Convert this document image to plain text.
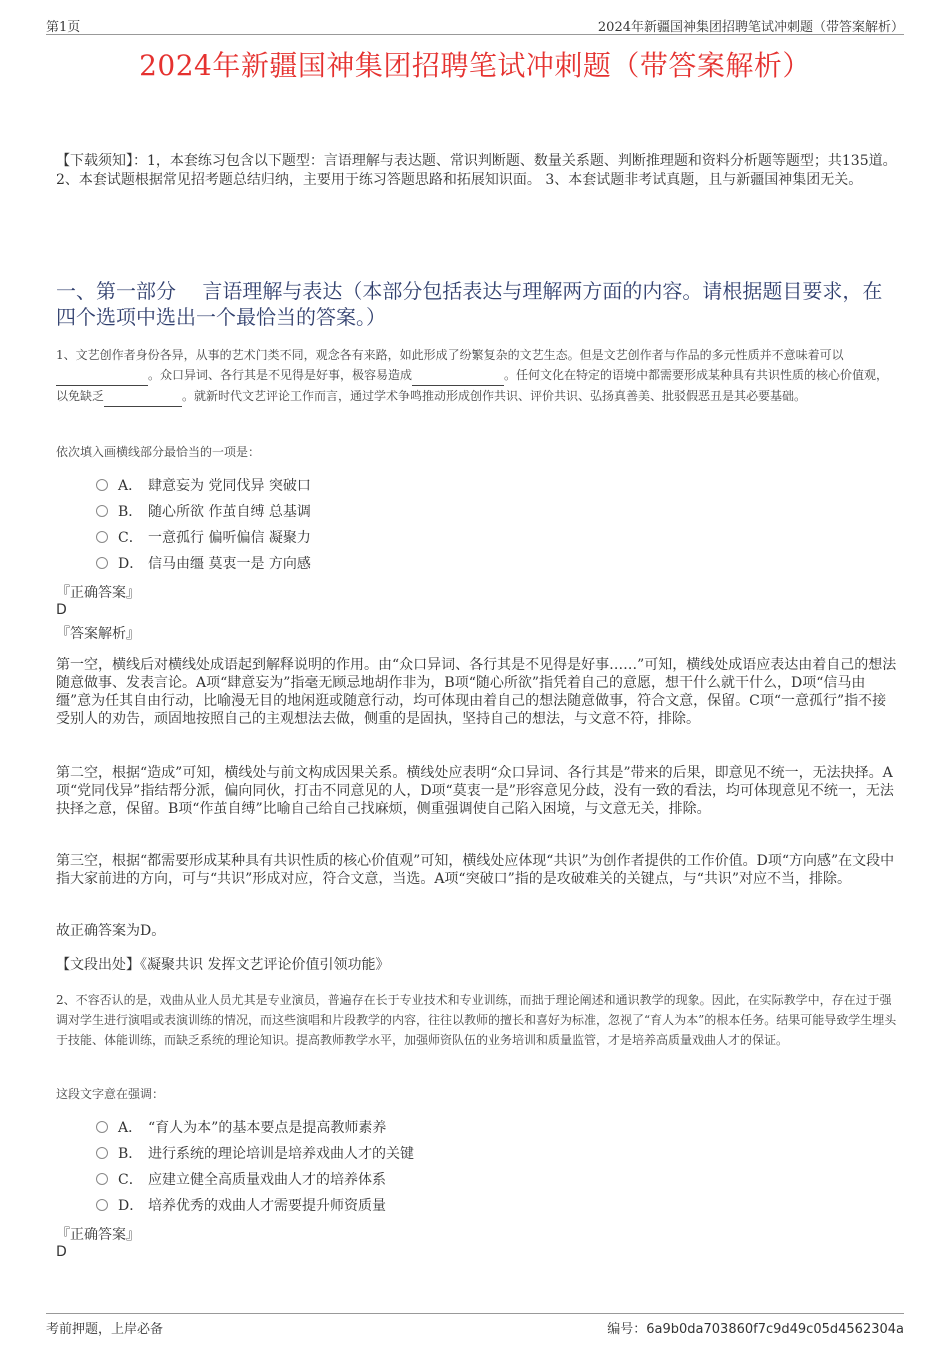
第1页	2024年新疆国神集团招聘笔试冲刺题（带答案解析）
2024年新疆国神集团招聘笔试冲刺题（带答案解析）
【下载须知】：1，本套练习包含以下题型：言语理解与表达题、常识判断题、数量关系题、判断推理题和资料分析题等题型；共135道。 2、本套试题根据常见招考题总结归纳，主要用于练习答题思路和拓展知识面。 3、本套试题非考试真题，且与新疆国神集团无关。
一、第一部分　 言语理解与表达（本部分包括表达与理解两方面的内容。请根据题目要求，在四个选项中选出一个最恰当的答案。）
1、文艺创作者身份各异，从事的艺术门类不同，观念各有来路，如此形成了纷繁复杂的文艺生态。但是文艺创作者与作品的多元性质并不意味着可以 。众口异词、各行其是不见得是好事，极容易造成	。任何文化在特定的语境中都需要形成某种具有共识性质的核心价值观，以免缺乏	。就新时代文艺评论工作而言，通过学术争鸣推动形成创作共识、评价共识、弘扬真善美、批驳假恶丑是其必要基础。
依次填入画横线部分最恰当的一项是：
A． 肆意妄为 党同伐异 突破口
B． 随心所欲 作茧自缚 总基调
C． 一意孤行 偏听偏信 凝聚力
D． 信马由缰 莫衷一是 方向感
『正确答案』
D
『答案解析』
第一空，横线后对横线处成语起到解释说明的作用。由“众口异词、各行其是不见得是好事……”可知，横线处成语应表达由着自己的想法随意做事、发表言论。A项“肆意妄为”指毫无顾忌地胡作非为，B项“随心所欲”指凭着自己的意愿，想干什么就干什么，D项“信马由缰”意为任其自由行动，比喻漫无目的地闲逛或随意行动，均可体现由着自己的想法随意做事，符合文意，保留。C项“一意孤行”指不接受别人的劝告，顽固地按照自己的主观想法去做，侧重的是固执，坚持自己的想法，与文意不符，排除。
第二空，根据“造成”可知，横线处与前文构成因果关系。横线处应表明“众口异词、各行其是”带来的后果，即意见不统一，无法抉择。A项“党同伐异”指结帮分派，偏向同伙，打击不同意见的人，D项“莫衷一是”形容意见分歧，没有一致的看法，均可体现意见不统一，无法抉择之意，保留。B项“作茧自缚”比喻自己给自己找麻烦，侧重强调使自己陷入困境，与文意无关，排除。
第三空，根据“都需要形成某种具有共识性质的核心价值观”可知，横线处应体现“共识”为创作者提供的工作价值。D项“方向感”在文段中指大家前进的方向，可与“共识”形成对应，符合文意，当选。A项“突破口”指的是攻破难关的关键点，与“共识”对应不当，排除。
故正确答案为D。
【文段出处】《凝聚共识 发挥文艺评论价值引领功能》
2、不容否认的是，戏曲从业人员尤其是专业演员，普遍存在长于专业技术和专业训练，而拙于理论阐述和通识教学的现象。因此，在实际教学中，存在过于强调对学生进行演唱或表演训练的情况，而这些演唱和片段教学的内容，往往以教师的擅长和喜好为标准，忽视了“育人为本”的根本任务。结果可能导致学生埋头于技能、体能训练，而缺乏系统的理论知识。提高教师教学水平，加强师资队伍的业务培训和质量监管，才是培养高质量戏曲人才的保证。
这段文字意在强调：
A． “育人为本”的基本要点是提高教师素养
B． 进行系统的理论培训是培养戏曲人才的关键
C． 应建立健全高质量戏曲人才的培养体系
D． 培养优秀的戏曲人才需要提升师资质量
『正确答案』
D
考前押题，上岸必备	编号：6a9b0da703860f7c9d49c05d4562304a
